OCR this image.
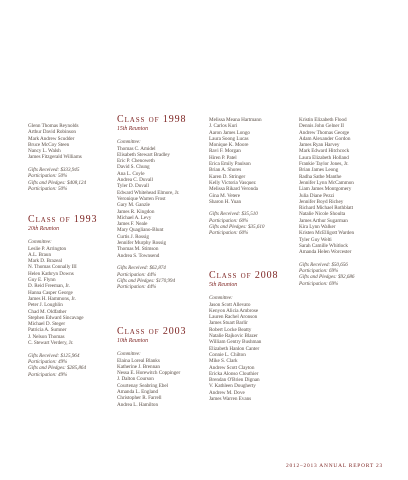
Glenn Thomas Reynolds
Arthur David Robinson
Mark Andrew Scudder
Bruce McCoy Steen
Nancy L. Walsh
James Fitzgerald Williams
Gifts Received: $333,945
Participation: 50%
Gifts and Pledges: $408,124
Participation: 50%
Class of 1993
20th Reunion
Committee:
Leslie P. Arrington
A.L. Braun
Mark D. Brazeal
N. Thomas Connally III
Helen Kathryn Downs
Guy E. Flynn
D. Reid Freeman, Jr.
Hanna Casper George
James H. Hammons, Jr.
Peter J. Loughlin
Chad M. Oldfather
Stephen Edward Sincavage
Michael D. Steger
Patricia A. Sumner
J. Nelson Thomas
C. Stewart Verdery, Jr.
Gifts Received: $125,964
Participation: 49%
Gifts and Pledges: $285,864
Participation: 49%
Class of 1998
15th Reunion
Committee:
Thomas C. Amidel
Elisabeth Stewart Bradley
Eric P. Chenoweth
David S. Chung
Ana L. Coyle
Andrea C. Duvall
Tyler D. Duvall
Edward Whitehead Elmore, Jr.
Veronique Warren Frost
Gary M. Ganzle
James R. Kingdon
Michael A. Levy
James F. Neale
Mary Quagliano-Blunt
Curtis J. Rossig
Jennifer Murphy Rossig
Thomas M. Stimson
Andrea S. Townsend
Gifts Received: $62,874
Participation: 44%
Gifts and Pledges: $170,994
Participation: 44%
Class of 2003
10th Reunion
Committee:
Elaina Loreal Blanks
Katherine J. Brennan
Nessa E. Horewitch Coppinger
J. Dalton Courson
Courtenay Seabring Ebel
Amanda L. England
Christopher R. Farrell
Andrea L. Hamilton
Melissa Meana Hartmann
J. Carlos Kuri
Aaron James Longo
Laura Soong Lucas
Monique K. Moore
Ravi F. Morgan
Hiren P. Patel
Erica Emily Paulson
Brian A. Shores
Karen D. Stringer
Kelly Victoria Vasquez
Melissa Rikard Veronda
Gina M. Vetere
Sharon H. Yuan
Gifts Received: $35,510
Participation: 60%
Gifts and Pledges: $35,610
Participation: 60%
Class of 2008
5th Reunion
Committee:
Jason Scott Allevato
Kenyon Alicia Ambrose
Lauren Rachel Aronson
James Stuart Barlir
Robert Locke Beatty
Natalie Rajkovic Blazer
William Gentry Bushman
Elizabeth Hanlon Canter
Connie L. Chilton
Mike S. Clark
Andrew Scott Clayton
Ericka Alonso Clouthier
Brendan O'Brien Dignan
V. Kathleen Dougherty
Andrew M. Dove
James Warren Evans
Kristin Elizabeth Flood
Dennis John Gelner II
Andrew Thomas George
Adam Alexander Gordon
James Ryan Harvey
Mark Edward Hitchcock
Laura Elizabeth Holland
Frankie Taylor Jones, Jr.
Brian James Leong
Radha Sathe Manthe
Jennifer Lynn McCammon
Liam James Montgomery
Julia Diane Pezzi
Jennifer Boyd Richey
Richard Michael Rothblatt
Natalie Nicole Shoulta
James Arthur Sugarman
Kira Lynn Walker
Kristen McElligott Warden
Tyler Guy Welti
Sarah Camille Whitlock
Amanda Helen Worcester
Gifts Received: $50,656
Participation: 69%
Gifts and Pledges: $92,686
Participation: 69%
2012–2013 ANNUAL REPORT 23
